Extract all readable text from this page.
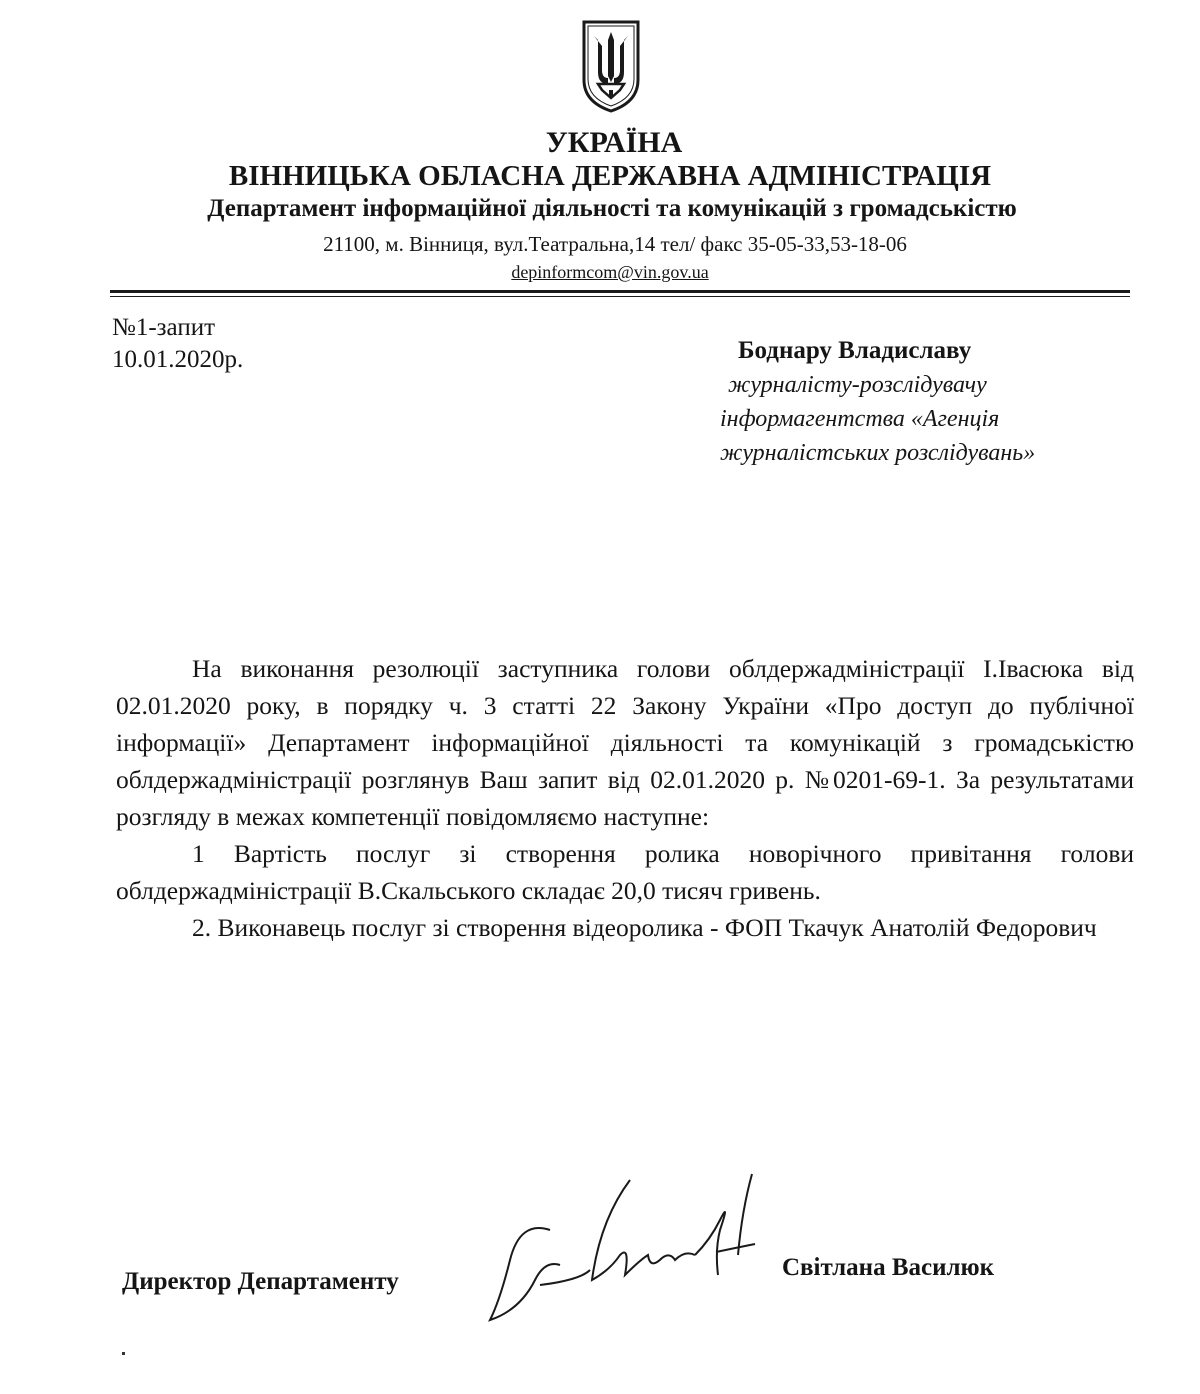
УКРАЇНА
ВІННИЦЬКА ОБЛАСНА ДЕРЖАВНА АДМІНІСТРАЦІЯ
Департамент інформаційної діяльності та комунікацій з громадськістю
21100, м. Вінниця, вул.Театральна,14 тел/ факс 35-05-33,53-18-06
depinformcom@vin.gov.ua
№1-запит
10.01.2020р.	Боднару Владиславу
журналісту-розслідувачу
інформагентства «Агенція
журналістських розслідувань»

На виконання резолюції заступника голови облдержадміністрації І.Івасюка від 02.01.2020 року, в порядку ч. 3 статті 22 Закону України «Про доступ до публічної інформації» Департамент інформаційної діяльності та комунікацій з громадськістю облдержадміністрації розглянув Ваш запит від 02.01.2020 р. №0201-69-1. За результатами розгляду в межах компетенції повідомляємо наступне:

1 Вартість послуг зі створення ролика новорічного привітання голови облдержадміністрації В.Скальського складає 20,0 тисяч гривень.

2. Виконавець послуг зі створення відеоролика - ФОП Ткачук Анатолій Федорович

Директор Департаменту
Світлана Василюк
